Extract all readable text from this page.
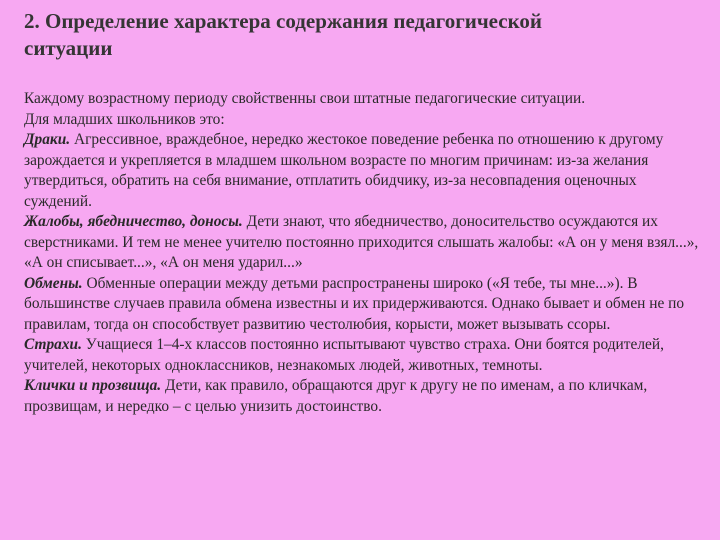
2. Определение характера содержания педагогической
ситуации

Каждому возрастному периоду свойственны свои штатные педагогические ситуации.
Для младших школьников это:

Драки. Агрессивное, враждебное, нередко жестокое поведение ребенка по отношению к другому зарождается и укрепляется в младшем школьном возрасте по многим причинам: из-за желания утвердиться, обратить на себя внимание, отплатить обидчику, из-за несовпадения оценочных суждений.

Жалобы, ябедничество, доносы. Дети знают, что ябедничество, доносительство осуждаются их сверстниками. И тем не менее учителю постоянно приходится слышать жалобы: «А он у меня взял...», «А он списывает...», «А он меня ударил...»

Обмены. Обменные операции между детьми распространены широко («Я тебе, ты мне...»). В большинстве случаев правила обмена известны и их придерживаются. Однако бывает и обмен не по правилам, тогда он способствует развитию честолюбия, корысти, может вызывать ссоры.

Страхи. Учащиеся 1–4-х классов постоянно испытывают чувство страха. Они боятся родителей, учителей, некоторых одноклассников, незнакомых людей, животных, темноты.

Клички и прозвища. Дети, как правило, обращаются друг к другу не по именам, а по кличкам, прозвищам, и нередко – с целью унизить достоинство.
